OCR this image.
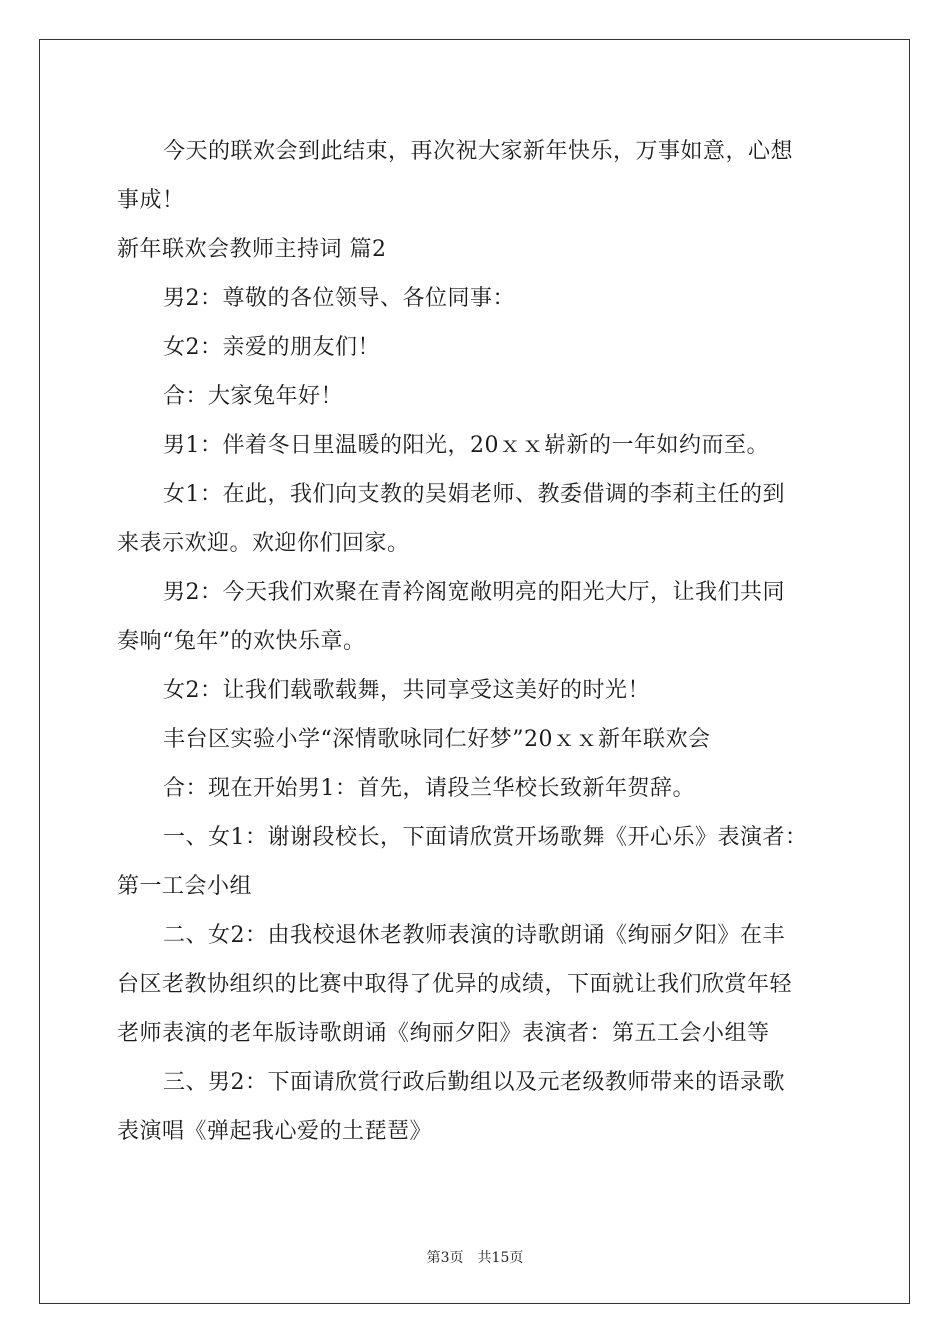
今天的联欢会到此结束，再次祝大家新年快乐，万事如意，心想
事成！
新年联欢会教师主持词 篇2
男2：尊敬的各位领导、各位同事：
女2：亲爱的朋友们！
合：大家兔年好！
男1：伴着冬日里温暖的阳光，20ｘｘ崭新的一年如约而至。
女1：在此，我们向支教的吴娟老师、教委借调的李莉主任的到
来表示欢迎。欢迎你们回家。
男2：今天我们欢聚在青衿阁宽敞明亮的阳光大厅，让我们共同
奏响“兔年”的欢快乐章。
女2：让我们载歌载舞，共同享受这美好的时光！
丰台区实验小学“深情歌咏同仁好梦”20ｘｘ新年联欢会
合：现在开始男1：首先，请段兰华校长致新年贺辞。
一、女1：谢谢段校长，下面请欣赏开场歌舞《开心乐》表演者：
第一工会小组
二、女2：由我校退休老教师表演的诗歌朗诵《绚丽夕阳》在丰
台区老教协组织的比赛中取得了优异的成绩，下面就让我们欣赏年轻
老师表演的老年版诗歌朗诵《绚丽夕阳》表演者：第五工会小组等
三、男2：下面请欣赏行政后勤组以及元老级教师带来的语录歌
表演唱《弹起我心爱的土琵琶》
第3页　共15页
